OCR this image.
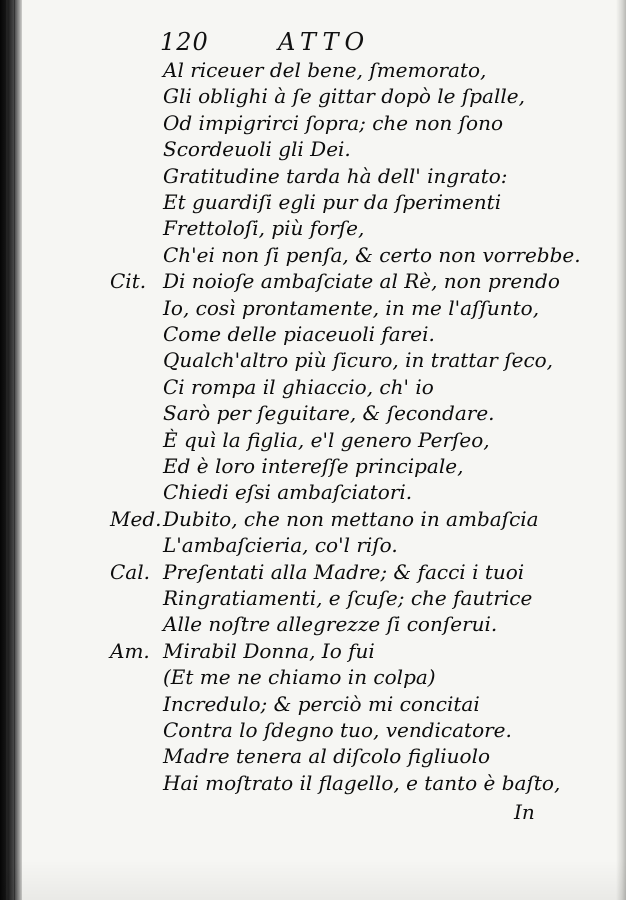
120	ATTO
Al riceuer del bene, ſmemorato,
Gli oblighi à ſe gittar dopò le ſpalle,
Od impigrirci ſopra; che non ſono
Scordeuoli gli Dei.
Gratitudine tarda hà dell' ingrato:
Et guardiſi egli pur da ſperimenti
Frettoloſi, più forſe,
Ch'ei non ſi penſa, & certo non vorrebbe.
Cit. Di noioſe ambaſciate al Rè, non prendo
Io, così prontamente, in me l'aſſunto,
Come delle piaceuoli farei.
Qualch'altro più ſicuro, in trattar ſeco,
Ci rompa il ghiaccio, ch' io
Sarò per ſeguitare, & ſecondare.
È quì la figlia, e'l genero Perſeo,
Ed è loro intereſſe principale,
Chiedi eſsi ambaſciatori.
Med. Dubito, che non mettano in ambaſcia
L'ambaſcieria, co'l riſo.
Cal. Preſentati alla Madre; & facci i tuoi
Ringratiamenti, e ſcuſe; che fautrice
Alle noſtre allegrezze ſi conſerui.
Am. Mirabil Donna, Io fui
(Et me ne chiamo in colpa)
Incredulo; & perciò mi concitai
Contra lo ſdegno tuo, vendicatore.
Madre tenera al diſcolo figliuolo
Hai moſtrato il flagello, e tanto è baſto,
In
